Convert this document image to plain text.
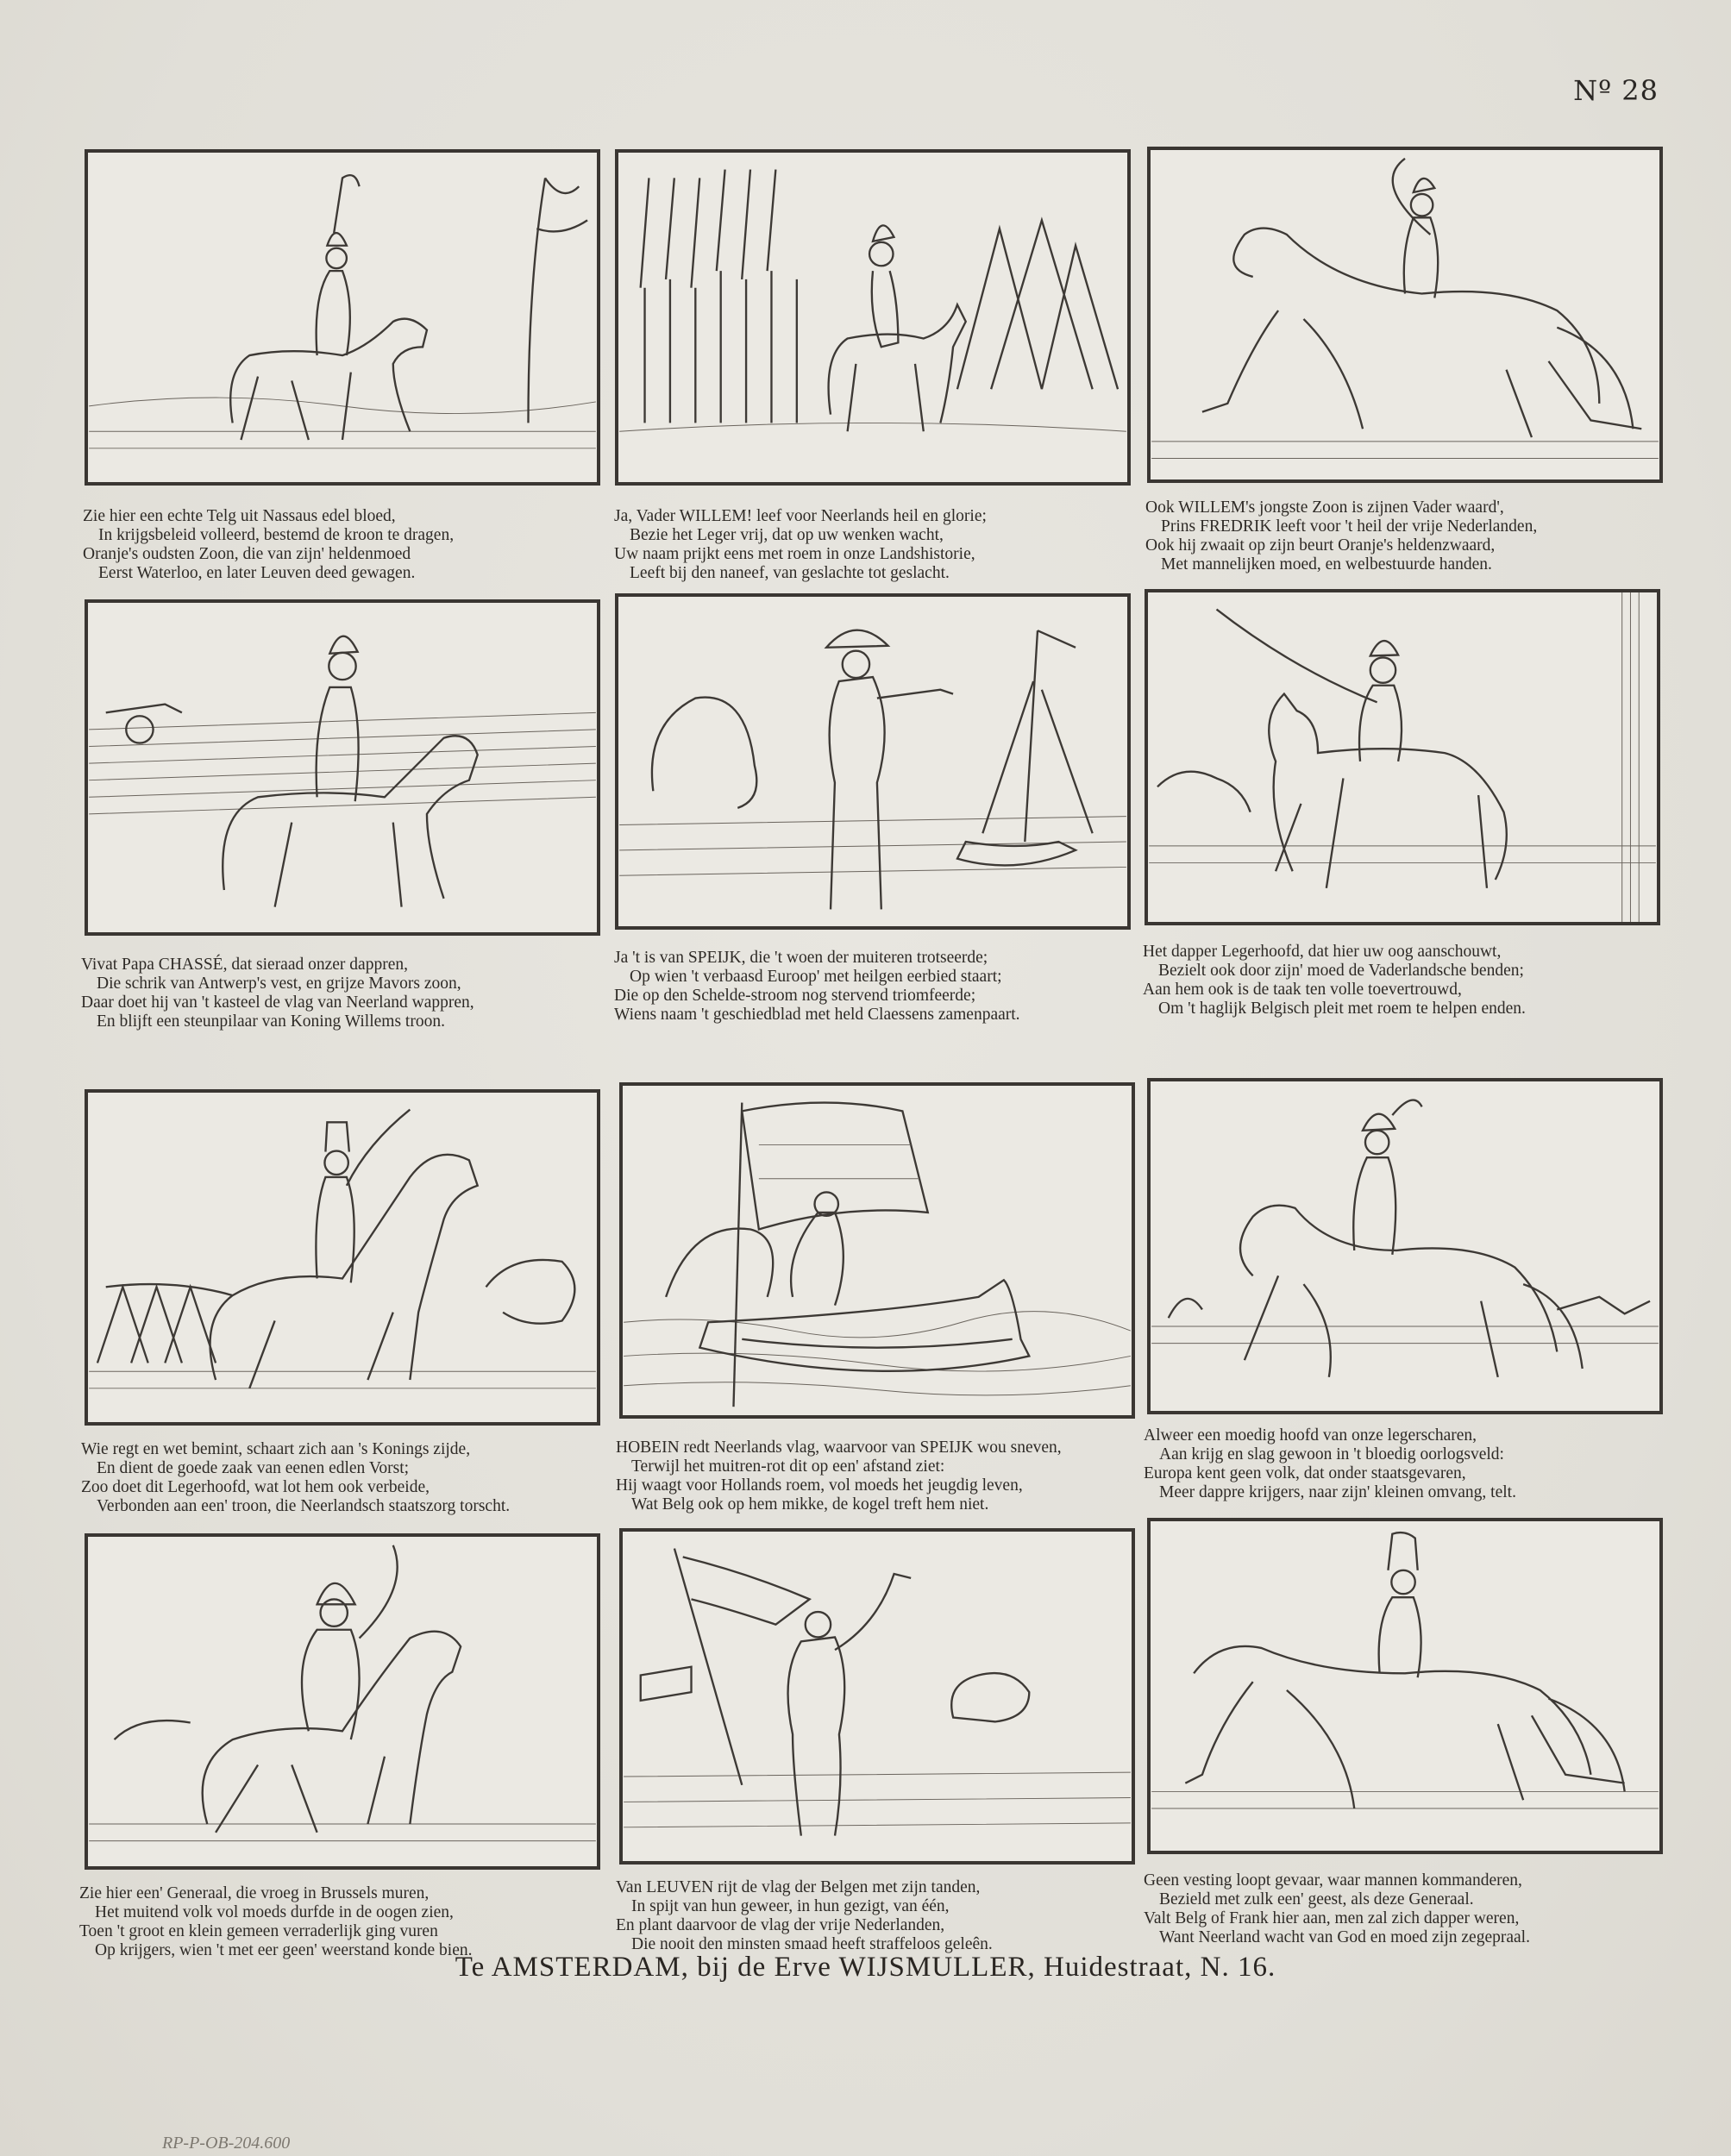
Nº 28
Zie hier een echte Telg uit Nassaus edel bloed,
In krijgsbeleid volleerd, bestemd de kroon te dragen,
Oranje's oudsten Zoon, die van zijn' heldenmoed
Eerst Waterloo, en later Leuven deed gewagen.
Ja, Vader WILLEM! leef voor Neerlands heil en glorie;
Bezie het Leger vrij, dat op uw wenken wacht,
Uw naam prijkt eens met roem in onze Landshistorie,
Leeft bij den naneef, van geslachte tot geslacht.
Ook WILLEM's jongste Zoon is zijnen Vader waard',
Prins FREDRIK leeft voor 't heil der vrije Nederlanden,
Ook hij zwaait op zijn beurt Oranje's heldenzwaard,
Met mannelijken moed, en welbestuurde handen.
Vivat Papa CHASSÉ, dat sieraad onzer dappren,
Die schrik van Antwerp's vest, en grijze Mavors zoon,
Daar doet hij van 't kasteel de vlag van Neerland wappren,
En blijft een steunpilaar van Koning Willems troon.
Ja 't is van SPEIJK, die 't woen der muiteren trotseerde;
Op wien 't verbaasd Euroop' met heilgen eerbied staart;
Die op den Schelde-stroom nog stervend triomfeerde;
Wiens naam 't geschiedblad met held Claessens zamenpaart.
Het dapper Legerhoofd, dat hier uw oog aanschouwt,
Bezielt ook door zijn' moed de Vaderlandsche benden;
Aan hem ook is de taak ten volle toevertrouwd,
Om 't haglijk Belgisch pleit met roem te helpen enden.
Wie regt en wet bemint, schaart zich aan 's Konings zijde,
En dient de goede zaak van eenen edlen Vorst;
Zoo doet dit Legerhoofd, wat lot hem ook verbeide,
Verbonden aan een' troon, die Neerlandsch staatszorg torscht.
HOBEIN redt Neerlands vlag, waarvoor van SPEIJK wou sneven,
Terwijl het muitren-rot dit op een' afstand ziet:
Hij waagt voor Hollands roem, vol moeds het jeugdig leven,
Wat Belg ook op hem mikke, de kogel treft hem niet.
Alweer een moedig hoofd van onze legerscharen,
Aan krijg en slag gewoon in 't bloedig oorlogsveld:
Europa kent geen volk, dat onder staatsgevaren,
Meer dappre krijgers, naar zijn' kleinen omvang, telt.
Zie hier een' Generaal, die vroeg in Brussels muren,
Het muitend volk vol moeds durfde in de oogen zien,
Toen 't groot en klein gemeen verraderlijk ging vuren
Op krijgers, wien 't met eer geen' weerstand konde bien.
Van LEUVEN rijt de vlag der Belgen met zijn tanden,
In spijt van hun geweer, in hun gezigt, van één,
En plant daarvoor de vlag der vrije Nederlanden,
Die nooit den minsten smaad heeft straffeloos geleên.
Geen vesting loopt gevaar, waar mannen kommanderen,
Bezield met zulk een' geest, als deze Generaal.
Valt Belg of Frank hier aan, men zal zich dapper weren,
Want Neerland wacht van God en moed zijn zegepraal.
Te AMSTERDAM, bij de Erve WIJSMULLER, Huidestraat, N. 16.
RP-P-OB-204.600
